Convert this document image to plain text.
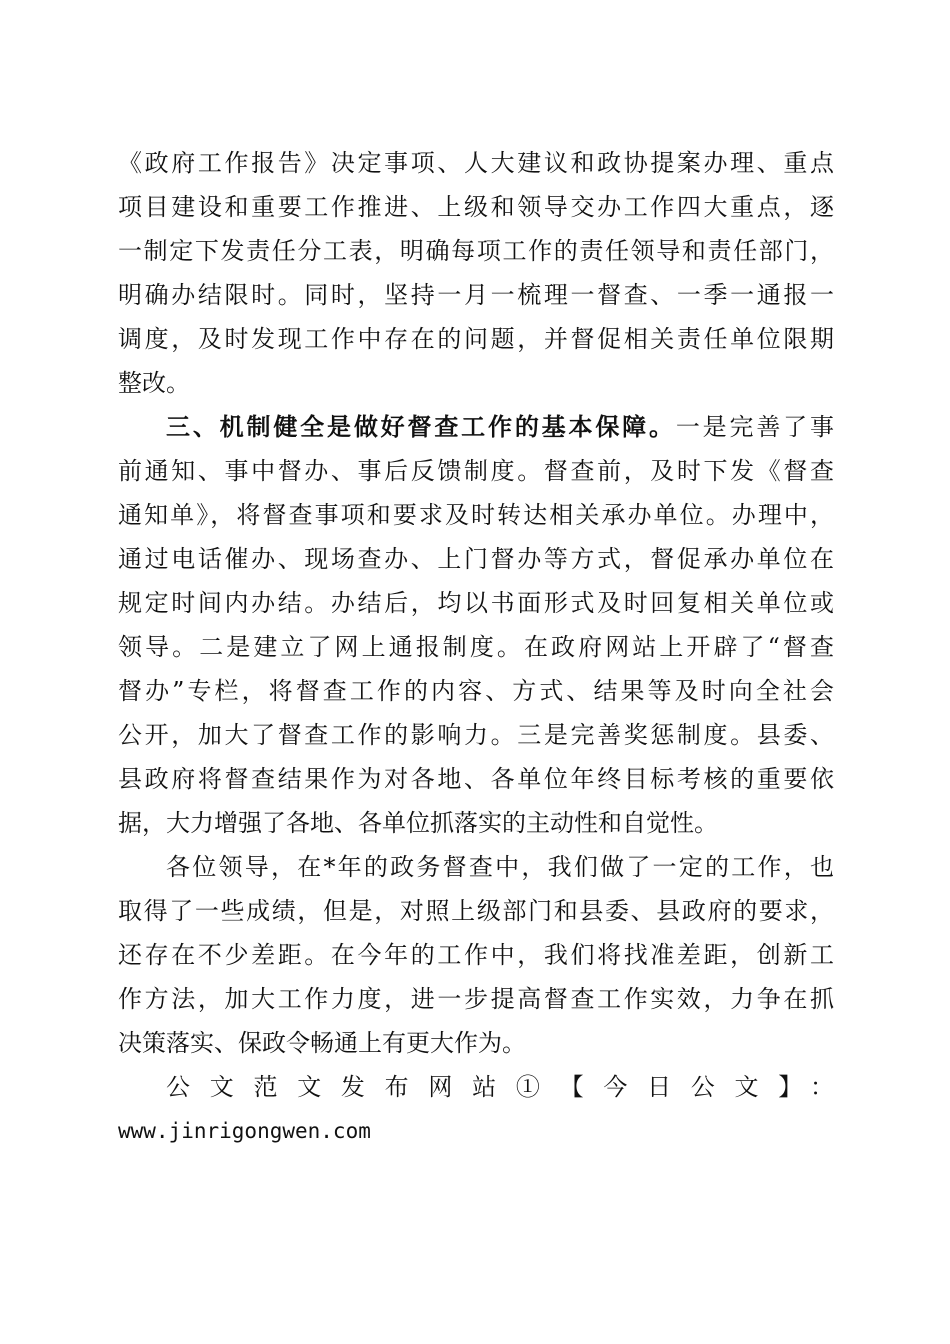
《政府工作报告》决定事项、人大建议和政协提案办理、重点
项目建设和重要工作推进、上级和领导交办工作四大重点，逐
一制定下发责任分工表，明确每项工作的责任领导和责任部门，
明确办结限时。同时，坚持一月一梳理一督查、一季一通报一
调度，及时发现工作中存在的问题，并督促相关责任单位限期
整改。
三、机制健全是做好督查工作的基本保障。一是完善了事
前通知、事中督办、事后反馈制度。督查前，及时下发《督查
通知单》，将督查事项和要求及时转达相关承办单位。办理中，
通过电话催办、现场查办、上门督办等方式，督促承办单位在
规定时间内办结。办结后，均以书面形式及时回复相关单位或
领导。二是建立了网上通报制度。在政府网站上开辟了“督查
督办”专栏，将督查工作的内容、方式、结果等及时向全社会
公开，加大了督查工作的影响力。三是完善奖惩制度。县委、
县政府将督查结果作为对各地、各单位年终目标考核的重要依
据，大力增强了各地、各单位抓落实的主动性和自觉性。
各位领导，在*年的政务督查中，我们做了一定的工作，也
取得了一些成绩，但是，对照上级部门和县委、县政府的要求，
还存在不少差距。在今年的工作中，我们将找准差距，创新工
作方法，加大工作力度，进一步提高督查工作实效，力争在抓
决策落实、保政令畅通上有更大作为。
公文范文发布网站①【今日公文】：
www.jinrigongwen.com
